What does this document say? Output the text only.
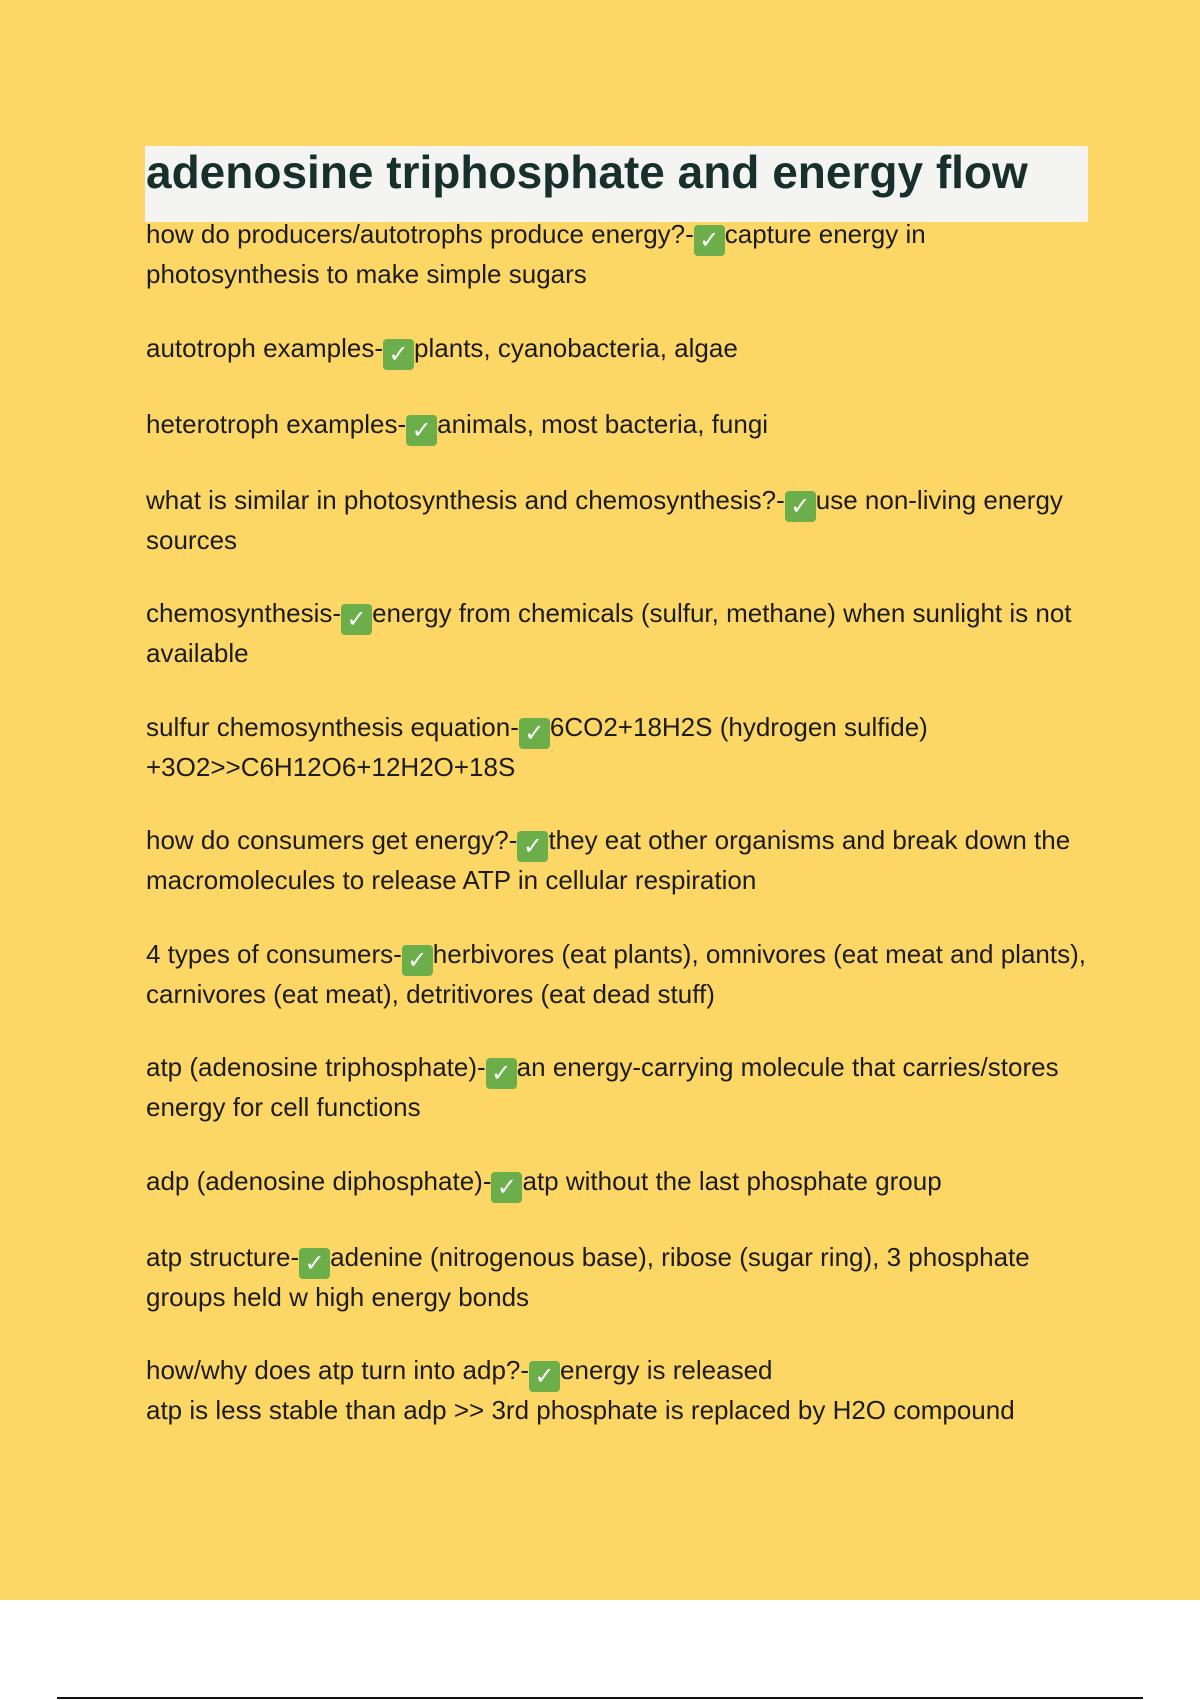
adenosine triphosphate and energy flow

how do producers/autotrophs produce energy?- ✓ capture energy in photosynthesis to make simple sugars

autotroph examples- ✓ plants, cyanobacteria, algae

heterotroph examples- ✓ animals, most bacteria, fungi

what is similar in photosynthesis and chemosynthesis?- ✓ use non-living energy sources

chemosynthesis- ✓ energy from chemicals (sulfur, methane) when sunlight is not available

sulfur chemosynthesis equation- ✓ 6CO2+18H2S (hydrogen sulfide) +3O2>>C6H12O6+12H2O+18S

how do consumers get energy?- ✓ they eat other organisms and break down the macromolecules to release ATP in cellular respiration

4 types of consumers- ✓ herbivores (eat plants), omnivores (eat meat and plants), carnivores (eat meat), detritivores (eat dead stuff)

atp (adenosine triphosphate)- ✓ an energy-carrying molecule that carries/stores energy for cell functions

adp (adenosine diphosphate)- ✓ atp without the last phosphate group

atp structure- ✓ adenine (nitrogenous base), ribose (sugar ring), 3 phosphate groups held w high energy bonds

how/why does atp turn into adp?- ✓ energy is released
atp is less stable than adp >> 3rd phosphate is replaced by H2O compound
